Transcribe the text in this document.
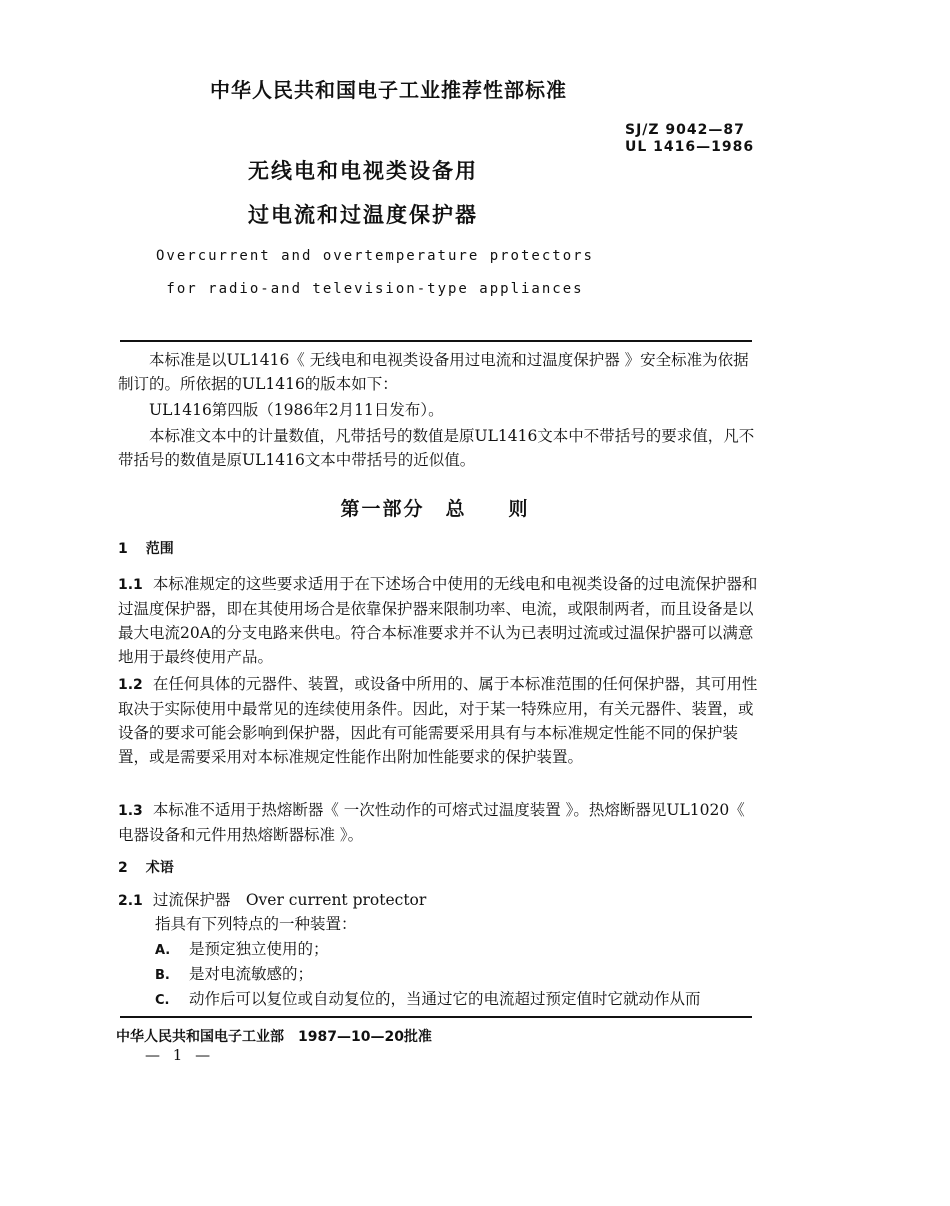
中华人民共和国电子工业推荐性部标准
SJ/Z 9042—87
UL 1416—1986
无线电和电视类设备用
过电流和过温度保护器
Overcurrent and overtemperature protectors
for radio-and television-type appliances
本标准是以UL1416《 无线电和电视类设备用过电流和过温度保护器 》安全标准为依据制订的。所依据的UL1416的版本如下：
UL1416第四版（1986年2月11日发布）。
本标准文本中的计量数值，凡带括号的数值是原UL1416文本中不带括号的要求值，凡不带括号的数值是原UL1416文本中带括号的近似值。
第一部分　总　　则
1 范围
1.1 本标准规定的这些要求适用于在下述场合中使用的无线电和电视类设备的过电流保护器和过温度保护器，即在其使用场合是依靠保护器来限制功率、电流，或限制两者，而且设备是以最大电流20A的分支电路来供电。符合本标准要求并不认为已表明过流或过温保护器可以满意地用于最终使用产品。
1.2 在任何具体的元器件、装置，或设备中所用的、属于本标准范围的任何保护器，其可用性取决于实际使用中最常见的连续使用条件。因此，对于某一特殊应用，有关元器件、装置，或设备的要求可能会影响到保护器，因此有可能需要采用具有与本标准规定性能不同的保护装置，或是需要采用对本标准规定性能作出附加性能要求的保护装置。
1.3 本标准不适用于热熔断器《 一次性动作的可熔式过温度装置 》。热熔断器见UL1020《 电器设备和元件用热熔断器标准 》。
2 术语
2.1 过流保护器　Over current protector
指具有下列特点的一种装置：
A. 是预定独立使用的；
B. 是对电流敏感的；
C. 动作后可以复位或自动复位的，当通过它的电流超过预定值时它就动作从而
中华人民共和国电子工业部　1987—10—20批准
— 1 —
